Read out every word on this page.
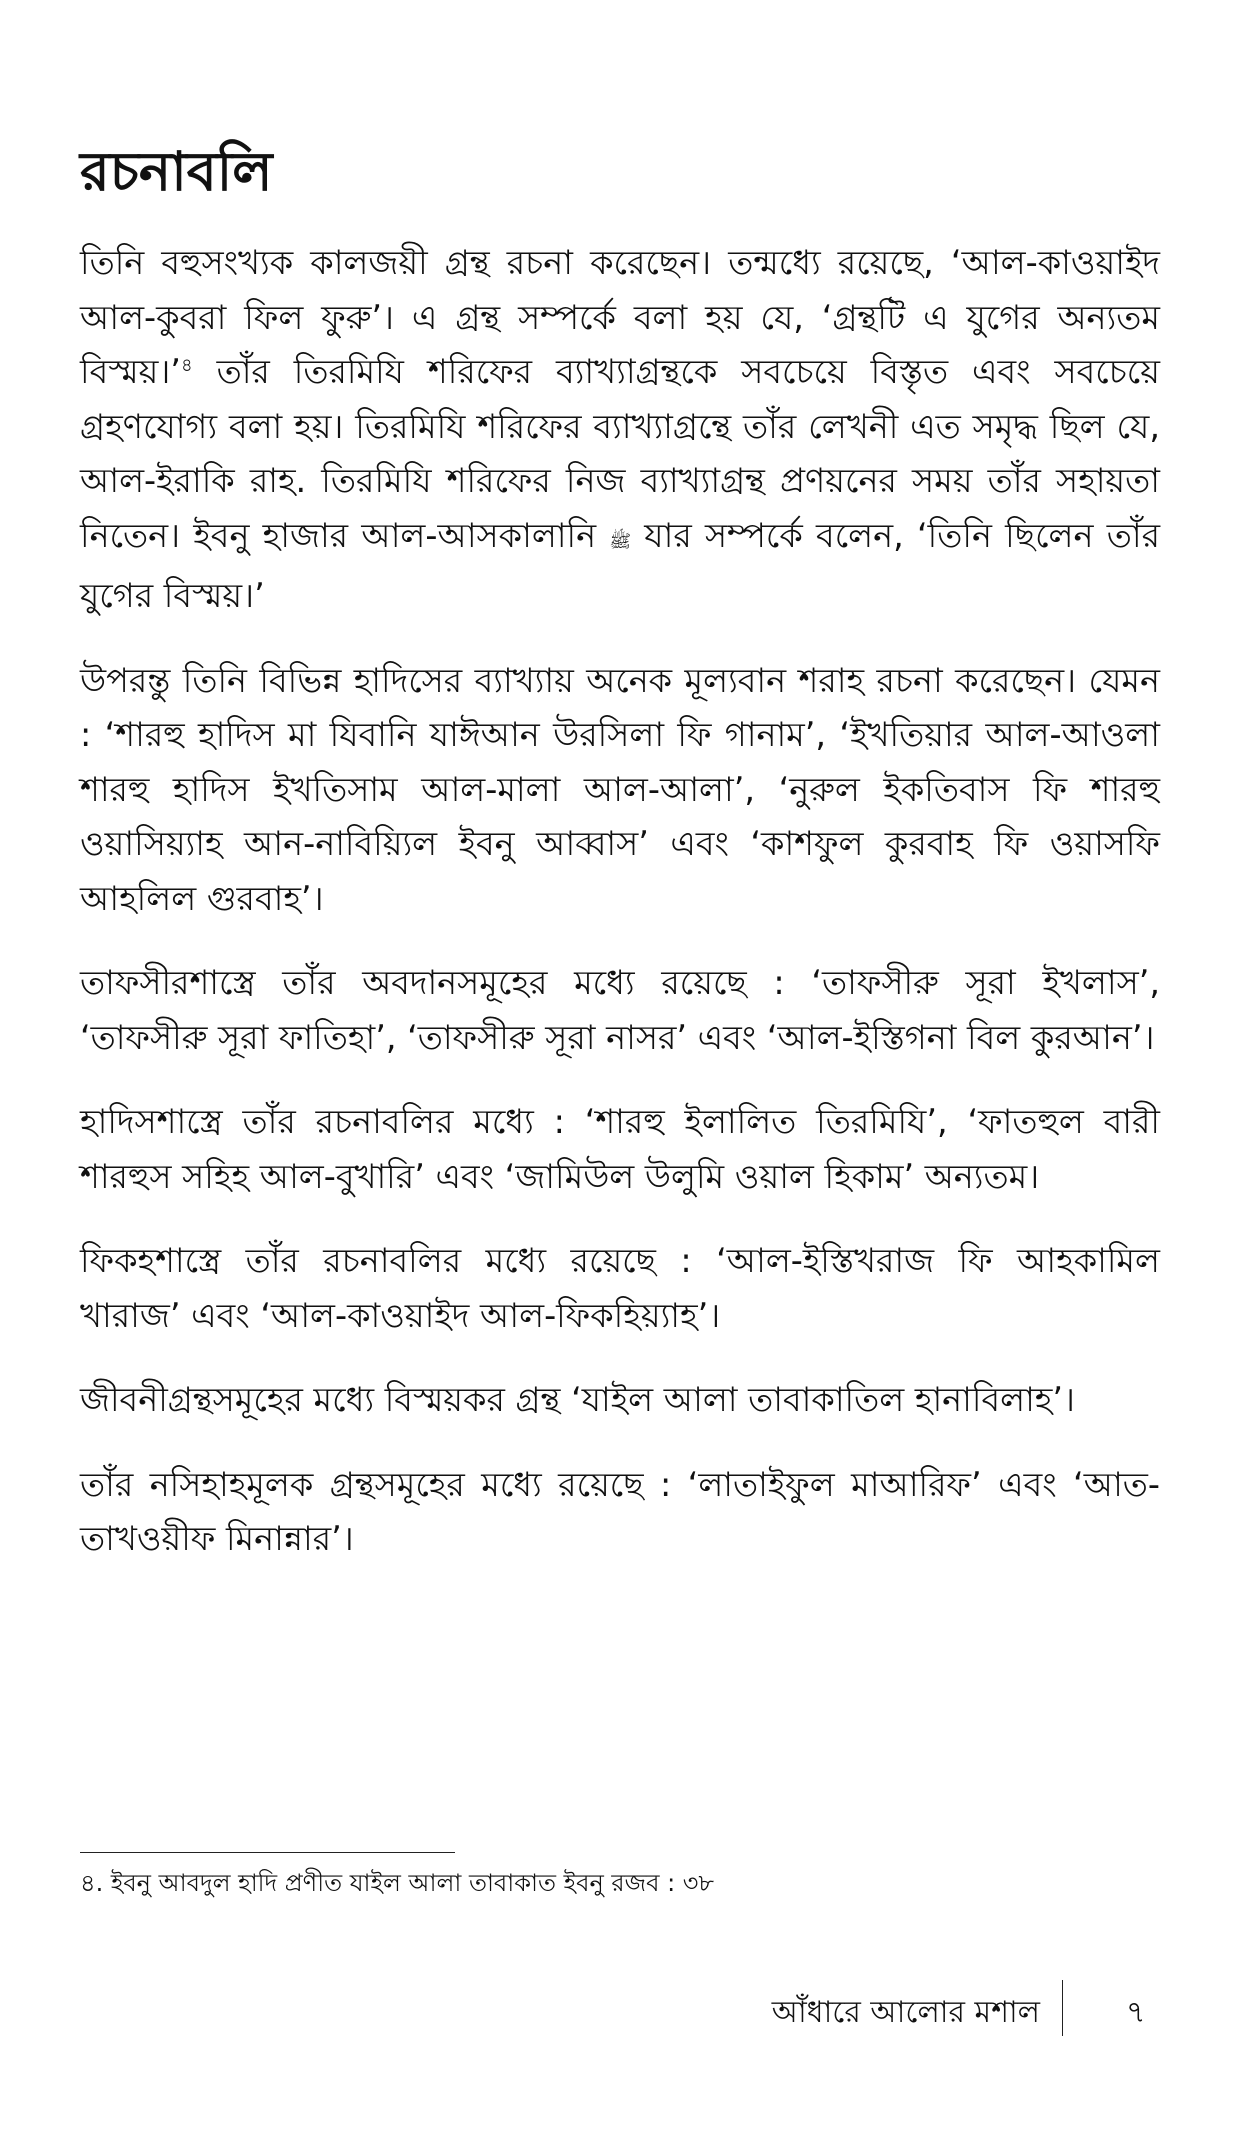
রচনাবলি

তিনি বহুসংখ্যক কালজয়ী গ্রন্থ রচনা করেছেন। তন্মধ্যে রয়েছে, ‘আল-কাওয়াইদ আল-কুবরা ফিল ফুরু’। এ গ্রন্থ সম্পর্কে বলা হয় যে, ‘গ্রন্থটি এ যুগের অন্যতম বিস্ময়।’$^৪$ তাঁর তিরমিযি শরিফের ব্যাখ্যাগ্রন্থকে সবচেয়ে বিস্তৃত এবং সবচেয়ে গ্রহণযোগ্য বলা হয়। তিরমিযি শরিফের ব্যাখ্যাগ্রন্থে তাঁর লেখনী এত সমৃদ্ধ ছিল যে, আল-ইরাকি রাহ. তিরমিযি শরিফের নিজ ব্যাখ্যাগ্রন্থ প্রণয়নের সময় তাঁর সহায়তা নিতেন। ইবনু হাজার আল-আসকালানি ﷺ যার সম্পর্কে বলেন, ‘তিনি ছিলেন তাঁর যুগের বিস্ময়।’

উপরন্তু তিনি বিভিন্ন হাদিসের ব্যাখ্যায় অনেক মূল্যবান শরাহ রচনা করেছেন। যেমন : ‘শারহু হাদিস মা যিবানি যাঈআন উরসিলা ফি গানাম’, ‘ইখতিয়ার আল-আওলা শারহু হাদিস ইখতিসাম আল-মালা আল-আলা’, ‘নুরুল ইকতিবাস ফি শারহু ওয়াসিয়্যাহ আন-নাবিয়্যিল ইবনু আব্বাস’ এবং ‘কাশফুল কুরবাহ ফি ওয়াসফি আহলিল গুরবাহ’।

তাফসীরশাস্ত্রে তাঁর অবদানসমূহের মধ্যে রয়েছে : ‘তাফসীরু সূরা ইখলাস’, ‘তাফসীরু সূরা ফাতিহা’, ‘তাফসীরু সূরা নাসর’ এবং ‘আল-ইস্তিগনা বিল কুরআন’।

হাদিসশাস্ত্রে তাঁর রচনাবলির মধ্যে : ‘শারহু ইলালিত তিরমিযি’, ‘ফাতহুল বারী শারহুস সহিহ আল-বুখারি’ এবং ‘জামিউল উলুমি ওয়াল হিকাম’ অন্যতম।

ফিকহশাস্ত্রে তাঁর রচনাবলির মধ্যে রয়েছে : ‘আল-ইস্তিখরাজ ফি আহকামিল খারাজ’ এবং ‘আল-কাওয়াইদ আল-ফিকহিয়্যাহ’।

জীবনীগ্রন্থসমূহের মধ্যে বিস্ময়কর গ্রন্থ ‘যাইল আলা তাবাকাতিল হানাবিলাহ’।

তাঁর নসিহাহমূলক গ্রন্থসমূহের মধ্যে রয়েছে : ‘লাতাইফুল মাআরিফ’ এবং ‘আত-তাখওয়ীফ মিনান্নার’।

৪. ইবনু আবদুল হাদি প্রণীত যাইল আলা তাবাকাত ইবনু রজব : ৩৮

আঁধারে আলোর মশাল	৭
